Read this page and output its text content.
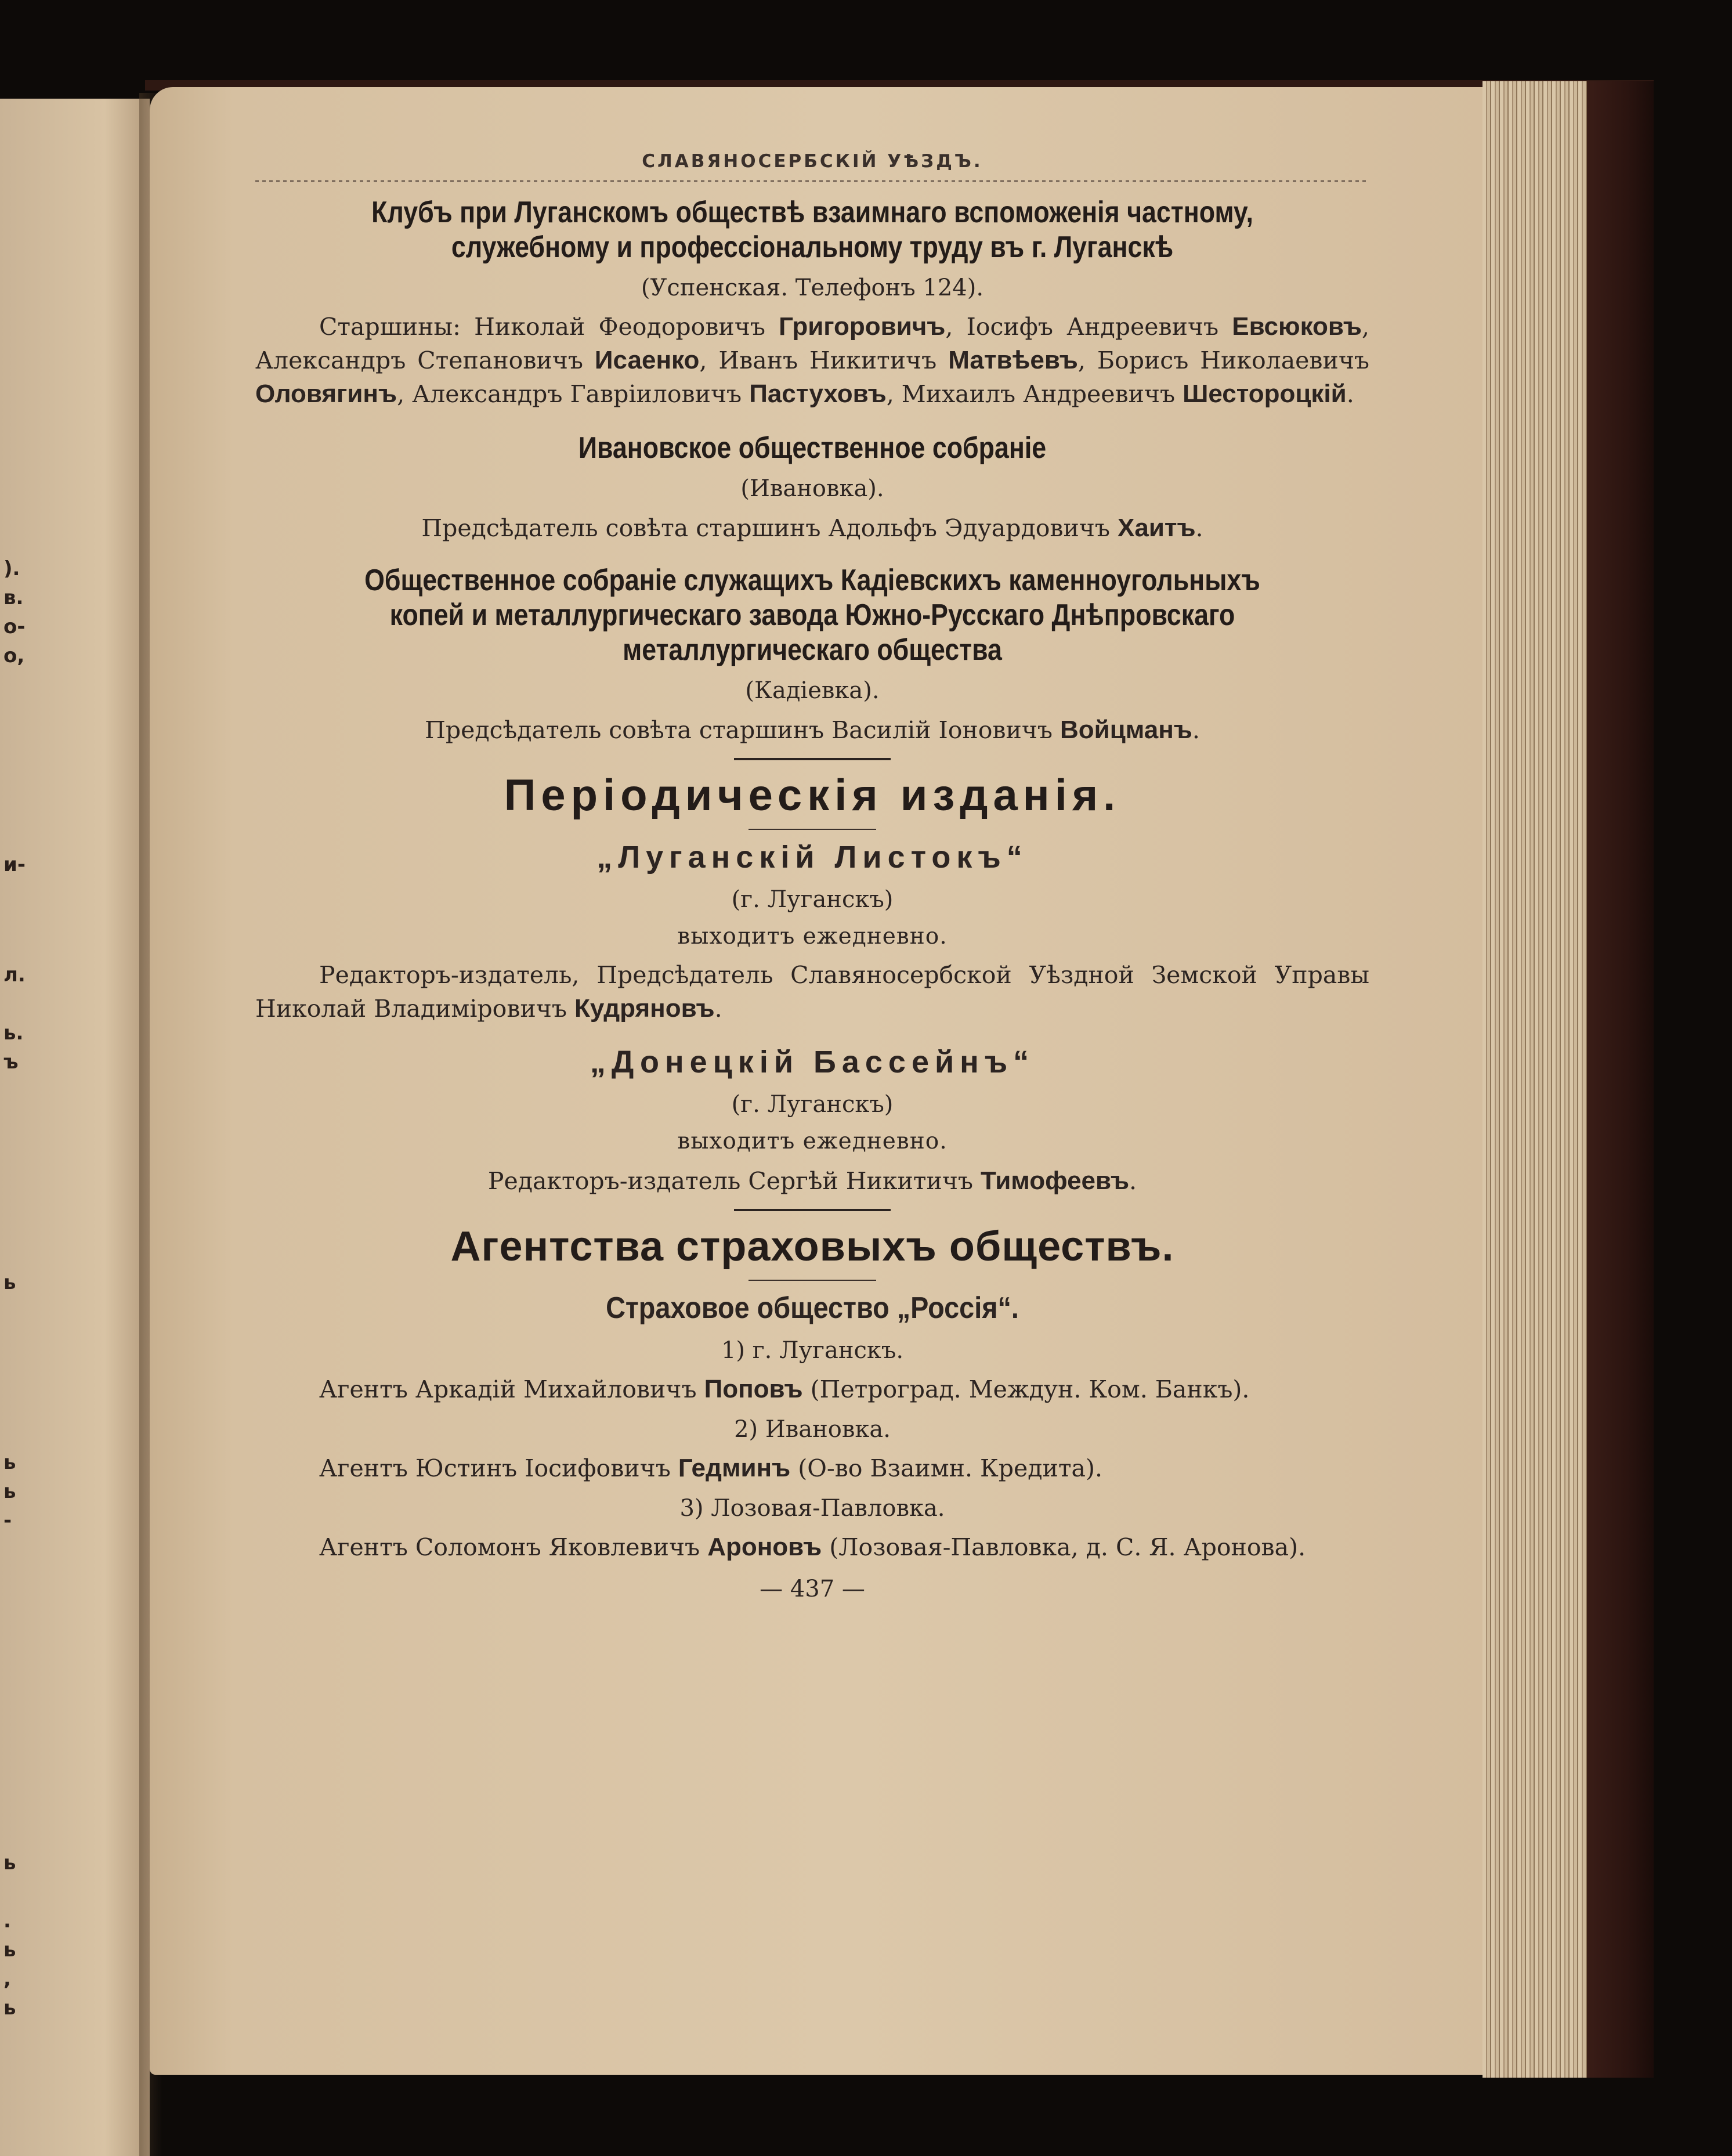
).
в.
о-
о,
и-
л.
ь.
ъ
ь
ь
ь
-
ь
.
ь
,
ь
СЛАВЯНОСЕРБСКІЙ УѢЗДЪ.
Клубъ при Луганскомъ обществѣ взаимнаго вспоможенія частному,
служебному и профессіональному труду въ г. Луганскѣ
(Успенская. Телефонъ 124).
Старшины: Николай Феодоровичъ Григоровичъ, Іосифъ Андреевичъ Евсюковъ, Александръ Степановичъ Исаенко, Иванъ Никитичъ Матвѣевъ, Борисъ Николаевичъ Оловягинъ, Александръ Гавріиловичъ Пастуховъ, Михаилъ Андреевичъ Шестороцкій.
Ивановское общественное собраніе
(Ивановка).
Предсѣдатель совѣта старшинъ Адольфъ Эдуардовичъ Хаитъ.
Общественное собраніе служащихъ Кадіевскихъ каменноугольныхъ
копей и металлургическаго завода Южно-Русскаго Днѣпровскаго
металлургическаго общества
(Кадіевка).
Предсѣдатель совѣта старшинъ Василій Іоновичъ Войцманъ.
Періодическія изданія.
„Луганскій Листокъ“
(г. Луганскъ)
выходитъ ежедневно.
Редакторъ-издатель, Предсѣдатель Славяносербской Уѣздной Земской Управы Николай Владиміровичъ Кудряновъ.
„Донецкій Бассейнъ“
(г. Луганскъ)
выходитъ ежедневно.
Редакторъ-издатель Сергѣй Никитичъ Тимофеевъ.
Агентства страховыхъ обществъ.
Страховое общество „Россія“.
1) г. Луганскъ.
Агентъ Аркадій Михайловичъ Поповъ (Петроград. Междун. Ком. Банкъ).
2) Ивановка.
Агентъ Юстинъ Іосифовичъ Гедминъ (О-во Взаимн. Кредита).
3) Лозовая-Павловка.
Агентъ Соломонъ Яковлевичъ Ароновъ (Лозовая-Павловка, д. С. Я. Аронова).
— 437 —
